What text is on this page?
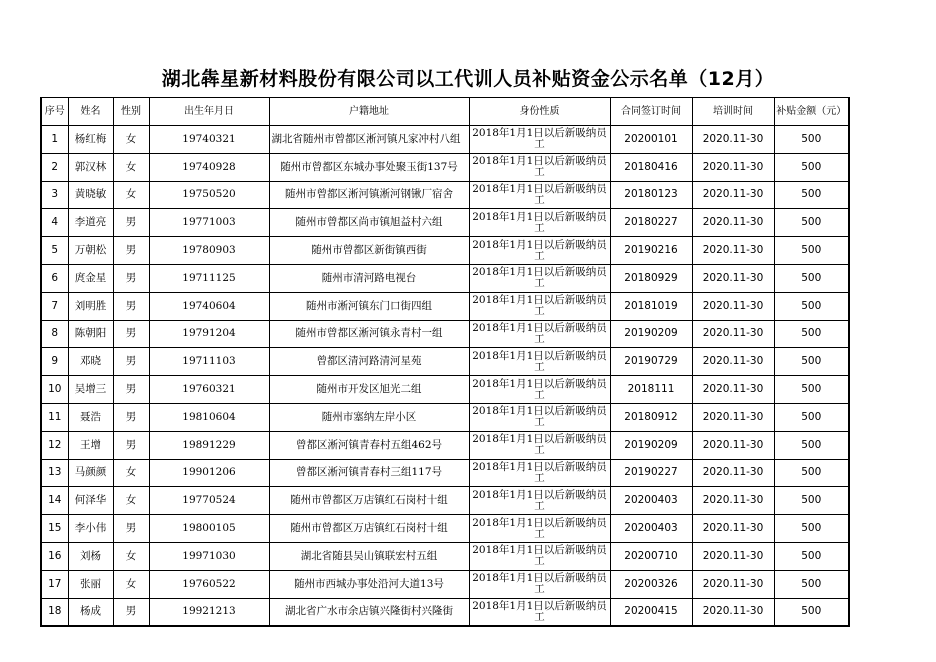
湖北犇星新材料股份有限公司以工代训人员补贴资金公示名单（12月）
序号	姓名	性别	出生年月日	户籍地址	身份性质	合同签订时间	培训时间	补贴金额（元）
1	杨红梅	女	19740321	湖北省随州市曾都区淅河镇凡家冲村八组	2018年1月1日以后新吸纳员工	20200101	2020.11-30	500
2	郭汉林	女	19740928	随州市曾都区东城办事处聚玉街137号	2018年1月1日以后新吸纳员工	20180416	2020.11-30	500
3	黄晓敏	女	19750520	随州市曾都区淅河镇淅河钢锹厂宿舍	2018年1月1日以后新吸纳员工	20180123	2020.11-30	500
4	李道亮	男	19771003	随州市曾都区尚市镇旭益村六组	2018年1月1日以后新吸纳员工	20180227	2020.11-30	500
5	万朝松	男	19780903	随州市曾都区新街镇西街	2018年1月1日以后新吸纳员工	20190216	2020.11-30	500
6	庹金星	男	19711125	随州市清河路电视台	2018年1月1日以后新吸纳员工	20180929	2020.11-30	500
7	刘明胜	男	19740604	随州市淅河镇东门口街四组	2018年1月1日以后新吸纳员工	20181019	2020.11-30	500
8	陈朝阳	男	19791204	随州市曾都区淅河镇永青村一组	2018年1月1日以后新吸纳员工	20190209	2020.11-30	500
9	邓晓	男	19711103	曾都区清河路清河星苑	2018年1月1日以后新吸纳员工	20190729	2020.11-30	500
10	吴增三	男	19760321	随州市开发区旭光二组	2018年1月1日以后新吸纳员工	2018111	2020.11-30	500
11	聂浩	男	19810604	随州市塞纳左岸小区	2018年1月1日以后新吸纳员工	20180912	2020.11-30	500
12	王增	男	19891229	曾都区淅河镇青春村五组462号	2018年1月1日以后新吸纳员工	20190209	2020.11-30	500
13	马颜颜	女	19901206	曾都区淅河镇青春村三组117号	2018年1月1日以后新吸纳员工	20190227	2020.11-30	500
14	何泽华	女	19770524	随州市曾都区万店镇红石岗村十组	2018年1月1日以后新吸纳员工	20200403	2020.11-30	500
15	李小伟	男	19800105	随州市曾都区万店镇红石岗村十组	2018年1月1日以后新吸纳员工	20200403	2020.11-30	500
16	刘杨	女	19971030	湖北省随县吴山镇联宏村五组	2018年1月1日以后新吸纳员工	20200710	2020.11-30	500
17	张丽	女	19760522	随州市西城办事处沿河大道13号	2018年1月1日以后新吸纳员工	20200326	2020.11-30	500
18	杨成	男	19921213	湖北省广水市余店镇兴隆街村兴隆街	2018年1月1日以后新吸纳员工	20200415	2020.11-30	500
